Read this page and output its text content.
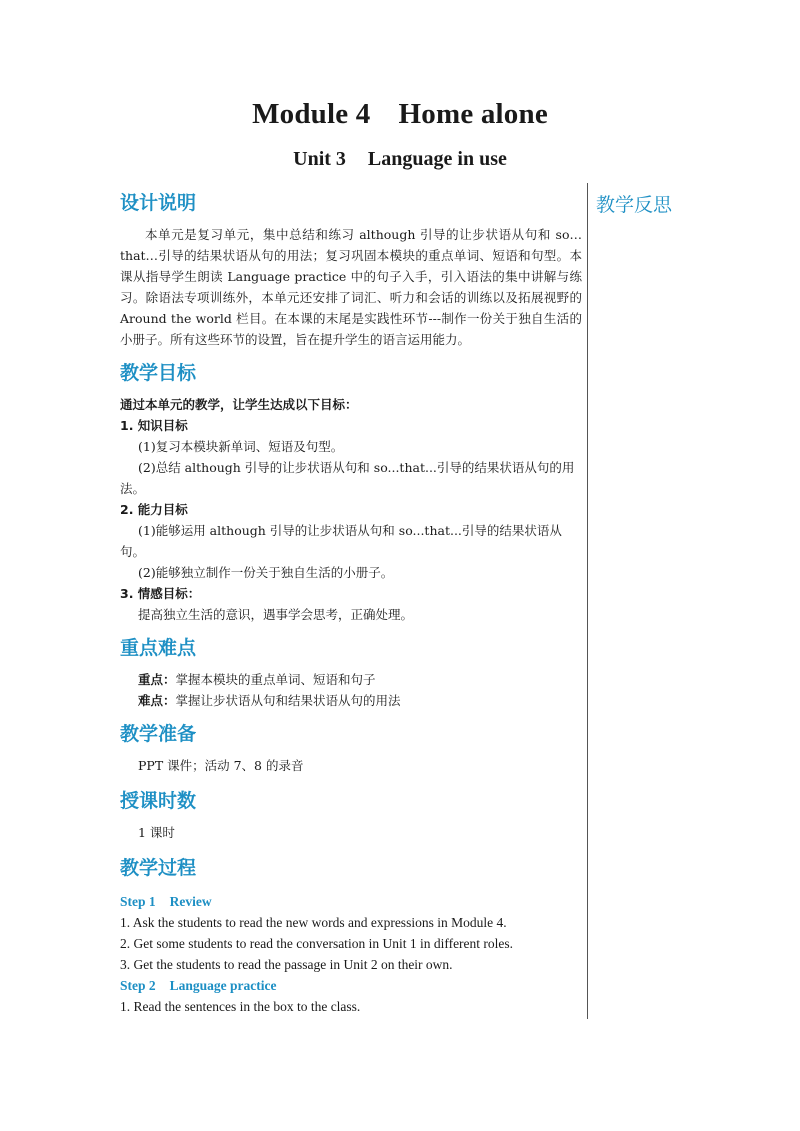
Module 4 Home alone
Unit 3 Language in use
教学反思
设计说明

本单元是复习单元，集中总结和练习 although 引导的让步状语从句和 so…that…引导的结果状语从句的用法；复习巩固本模块的重点单词、短语和句型。本课从指导学生朗读 Language practice 中的句子入手，引入语法的集中讲解与练习。除语法专项训练外，本单元还安排了词汇、听力和会话的训练以及拓展视野的 Around the world 栏目。在本课的末尾是实践性环节---制作一份关于独自生活的小册子。所有这些环节的设置，旨在提升学生的语言运用能力。

教学目标

通过本单元的教学，让学生达成以下目标：

1. 知识目标

(1)复习本模块新单词、短语及句型。

(2)总结 although 引导的让步状语从句和 so...that...引导的结果状语从句的用法。

2. 能力目标

(1)能够运用 although 引导的让步状语从句和 so...that...引导的结果状语从句。

(2)能够独立制作一份关于独自生活的小册子。

3. 情感目标：

提高独立生活的意识，遇事学会思考，正确处理。

重点难点

重点：掌握本模块的重点单词、短语和句子

难点：掌握让步状语从句和结果状语从句的用法

教学准备

PPT 课件；活动 7、8 的录音

授课时数

1 课时

教学过程

Step 1 Review

1. Ask the students to read the new words and expressions in Module 4.

2. Get some students to read the conversation in Unit 1 in different roles.

3. Get the students to read the passage in Unit 2 on their own.

Step 2 Language practice

1. Read the sentences in the box to the class.
